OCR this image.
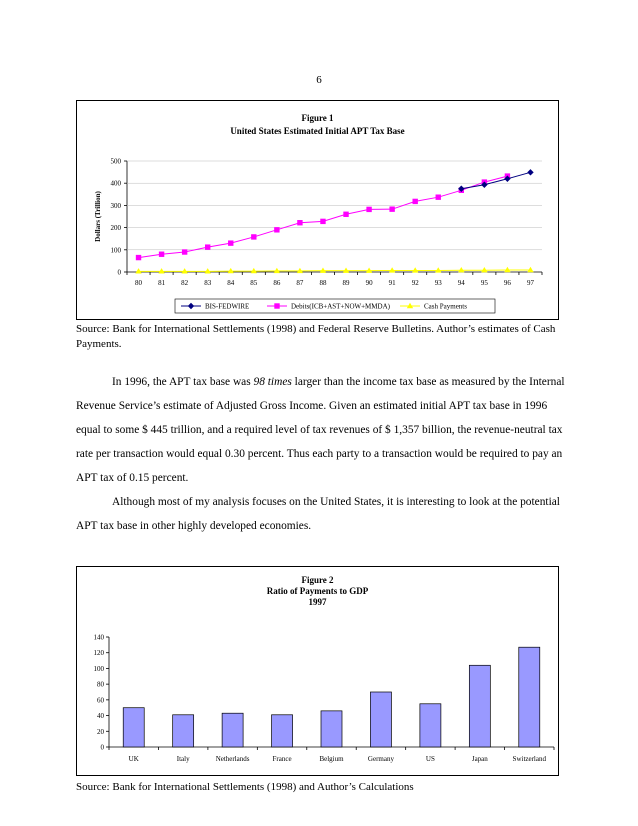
6
Figure 1
United States Estimated Initial APT Tax Base
0
100
200
300
400
500
80 81 82 83 84 85 86 87 88 89 90 91 92 93 94 95 96 97
Dollars (Trillion)
BIS-FEDWIRE	Debits(ICB+AST+NOW+MMDA)	Cash Payments
Source: Bank for International Settlements (1998) and Federal Reserve Bulletins. Author’s estimates of Cash Payments.

In 1996, the APT tax base was 98 times larger than the income tax base as measured by the Internal Revenue Service’s estimate of Adjusted Gross Income. Given an estimated initial APT tax base in 1996 equal to some $ 445 trillion, and a required level of tax revenues of $ 1,357 billion, the revenue-neutral tax rate per transaction would equal 0.30 percent. Thus each party to a transaction would be required to pay an APT tax of 0.15 percent.

Although most of my analysis focuses on the United States, it is interesting to look at the potential APT tax base in other highly developed economies.

Figure 2
Ratio of Payments to GDP
1997
0
20
40
60
80
100
120
140
UK	Italy	Netherlands	France	Belgium	Germany	US	Japan	Switzerland
Source: Bank for International Settlements (1998) and Author’s Calculations
